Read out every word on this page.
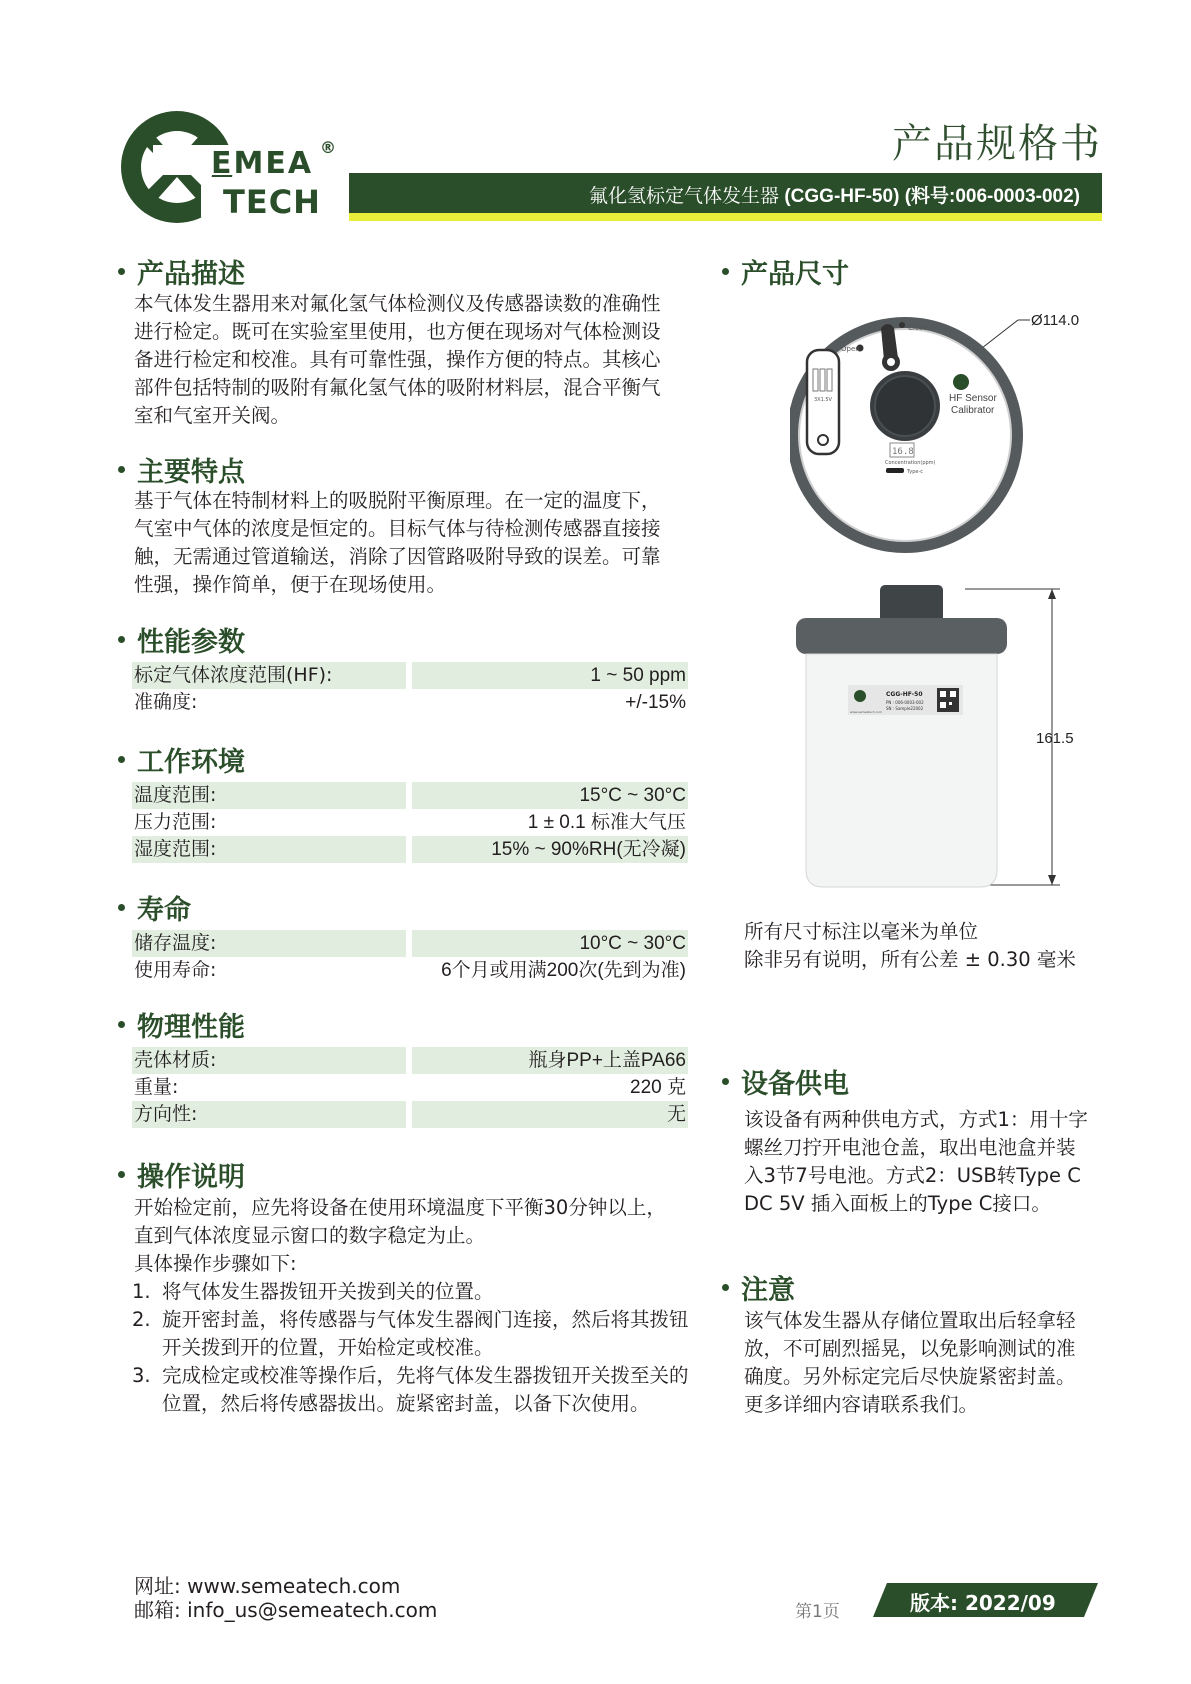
EMEA
TECH
®	产品规格书
氟化氢标定气体发生器 (CGG-HF-50) (料号:006-0003-002)
产品描述
本气体发生器用来对氟化氢气体检测仪及传感器读数的准确性
进行检定。既可在实验室里使用，也方便在现场对气体检测设
备进行检定和校准。具有可靠性强，操作方便的特点。其核心
部件包括特制的吸附有氟化氢气体的吸附材料层，混合平衡气
室和气室开关阀。
主要特点
基于气体在特制材料上的吸脱附平衡原理。在一定的温度下，
气室中气体的浓度是恒定的。目标气体与待检测传感器直接接
触，无需通过管道输送，消除了因管路吸附导致的误差。可靠
性强，操作简单，便于在现场使用。
性能参数
标定气体浓度范围(HF):	1 ~ 50 ppm
准确度:	+/-15%
工作环境
温度范围:	15°C ~ 30°C
压力范围:	1 ± 0.1 标准大气压
湿度范围:	15% ~ 90%RH(无冷凝)
寿命
储存温度:	10°C ~ 30°C
使用寿命:	6个月或用满200次(先到为准)
物理性能
壳体材质:	瓶身PP+上盖PA66
重量:	220 克
方向性:	无
操作说明
开始检定前，应先将设备在使用环境温度下平衡30分钟以上，
直到气体浓度显示窗口的数字稳定为止。
具体操作步骤如下:
1. 将气体发生器拨钮开关拨到关的位置。
2. 旋开密封盖，将传感器与气体发生器阀门连接，然后将其拨钮开关拨到开的位置，开始检定或校准。
3. 完成检定或校准等操作后，先将气体发生器拨钮开关拨至关的位置，然后将传感器拔出。旋紧密封盖，以备下次使用。
产品尺寸
Ø114.0
3X1.5V
Open
Close
HF Sensor
Calibrator
16.8
Concentration(ppm)
Type-c
161.5
CGG-HF-50
PN : 006-0003-002
SN : Sample22002
www.semeatech.com
所有尺寸标注以毫米为单位
除非另有说明，所有公差 ± 0.30 毫米
设备供电
该设备有两种供电方式，方式1：用十字
螺丝刀拧开电池仓盖，取出电池盒并装
入3节7号电池。方式2：USB转Type C
DC 5V 插入面板上的Type C接口。
注意
该气体发生器从存储位置取出后轻拿轻
放，不可剧烈摇晃，以免影响测试的准
确度。另外标定完后尽快旋紧密封盖。
更多详细内容请联系我们。
网址: www.semeatech.com
邮箱: info_us@semeatech.com	第1页	版本: 2022/09
